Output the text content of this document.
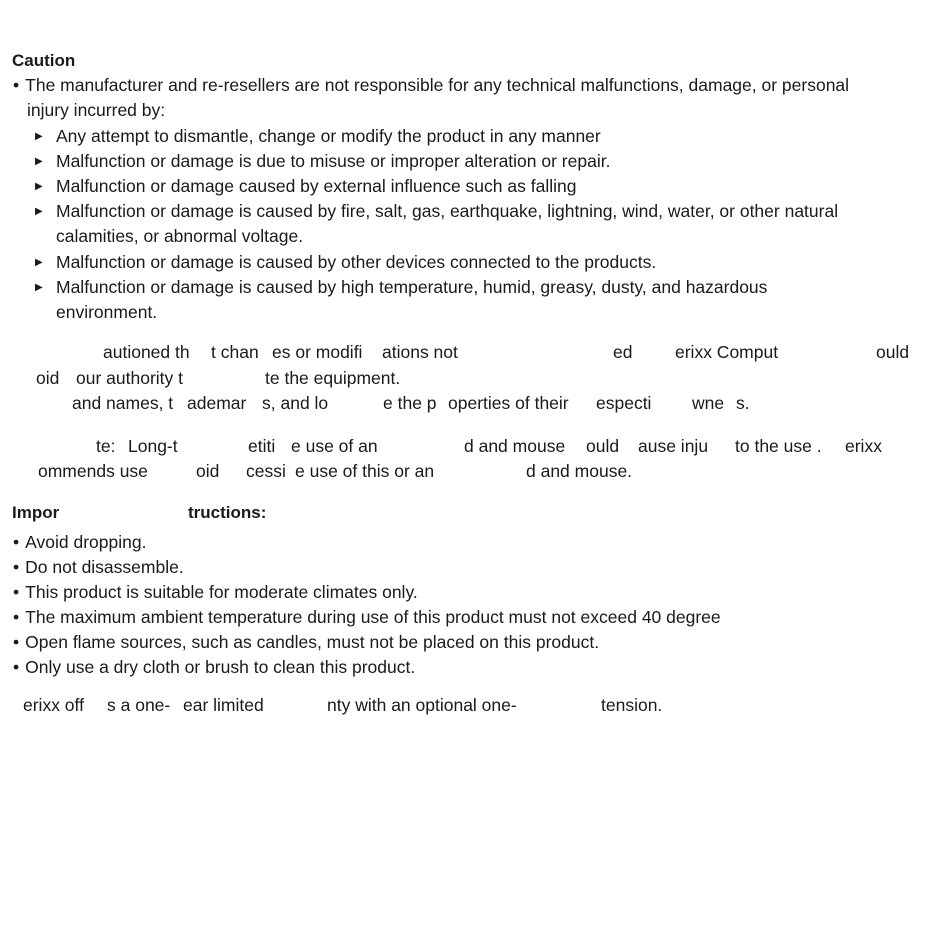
Caution
• The manufacturer and re-resellers are not responsible for any technical malfunctions, damage, or personal
injury incurred by:
▶ Any attempt to dismantle, change or modify the product in any manner
▶ Malfunction or damage is due to misuse or improper alteration or repair.
▶ Malfunction or damage caused by external influence such as falling
▶ Malfunction or damage is caused by fire, salt, gas, earthquake, lightning, wind, water, or other natural
calamities, or abnormal voltage.
▶ Malfunction or damage is caused by other devices connected to the products.
▶ Malfunction or damage is caused by high temperature, humid, greasy, dusty, and hazardous
environment.
autioned th t chan es or modifi ations not	ed erixx Comput	ould
oid our authority t	te the equipment.
and names, t ademar s, and lo	e the p operties of their especti wne s.
te: Long-t	etiti e use of an	d and mouse ould ause inju to the use . erixx
ommends use	oid cessi e use of this or an	d and mouse.
Impor	tructions:
• Avoid dropping.
• Do not disassemble.
• This product is suitable for moderate climates only.
• The maximum ambient temperature during use of this product must not exceed 40 degree
• Open flame sources, such as candles, must not be placed on this product.
• Only use a dry cloth or brush to clean this product.
erixx off s a one- ear limited	nty with an optional one-	tension.
